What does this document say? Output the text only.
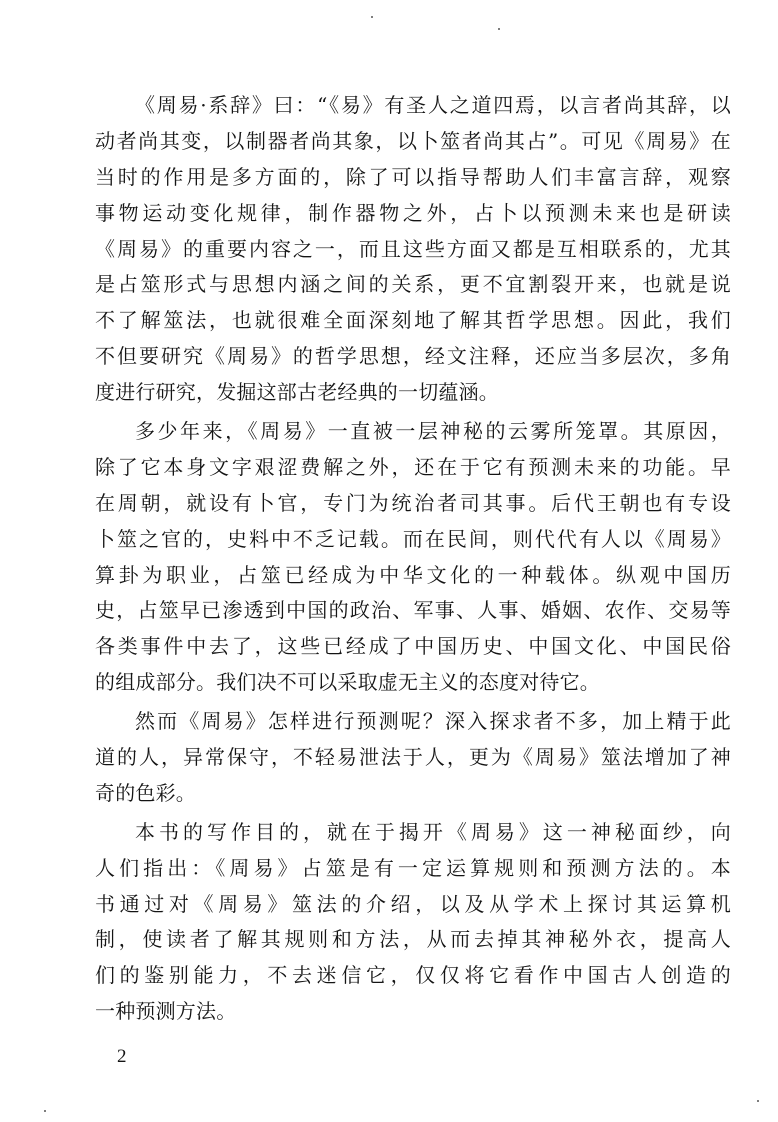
《周易·系辞》曰：“《易》有圣人之道四焉，以言者尚其辞，以
动者尚其变，以制器者尚其象，以卜筮者尚其占”。可见《周易》在
当时的作用是多方面的，除了可以指导帮助人们丰富言辞，观察
事物运动变化规律，制作器物之外，占卜以预测未来也是研读
《周易》的重要内容之一，而且这些方面又都是互相联系的，尤其
是占筮形式与思想内涵之间的关系，更不宜割裂开来，也就是说
不了解筮法，也就很难全面深刻地了解其哲学思想。因此，我们
不但要研究《周易》的哲学思想，经文注释，还应当多层次，多角
度进行研究，发掘这部古老经典的一切蕴涵。
多少年来，《周易》一直被一层神秘的云雾所笼罩。其原因，
除了它本身文字艰涩费解之外，还在于它有预测未来的功能。早
在周朝，就设有卜官，专门为统治者司其事。后代王朝也有专设
卜筮之官的，史料中不乏记载。而在民间，则代代有人以《周易》
算卦为职业，占筮已经成为中华文化的一种载体。纵观中国历
史，占筮早已渗透到中国的政治、军事、人事、婚姻、农作、交易等
各类事件中去了，这些已经成了中国历史、中国文化、中国民俗
的组成部分。我们决不可以采取虚无主义的态度对待它。
然而《周易》怎样进行预测呢？深入探求者不多，加上精于此
道的人，异常保守，不轻易泄法于人，更为《周易》筮法增加了神
奇的色彩。
本书的写作目的，就在于揭开《周易》这一神秘面纱，向
人们指出：《周易》占筮是有一定运算规则和预测方法的。本
书通过对《周易》筮法的介绍，以及从学术上探讨其运算机
制，使读者了解其规则和方法，从而去掉其神秘外衣，提高人
们的鉴别能力，不去迷信它，仅仅将它看作中国古人创造的
一种预测方法。
2
